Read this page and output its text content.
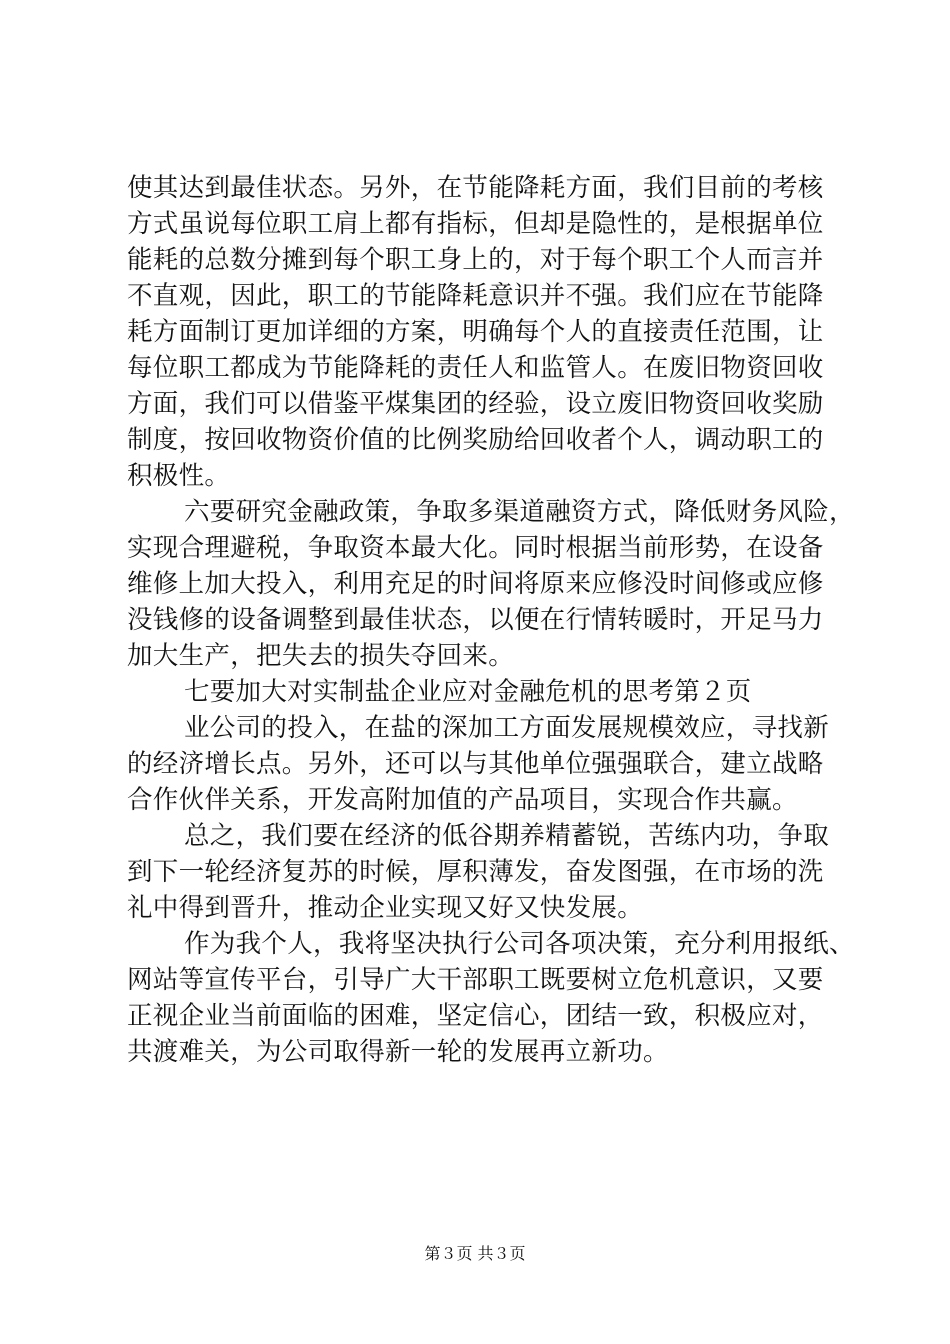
使其达到最佳状态。另外，在节能降耗方面，我们目前的考核
方式虽说每位职工肩上都有指标，但却是隐性的，是根据单位
能耗的总数分摊到每个职工身上的，对于每个职工个人而言并
不直观，因此，职工的节能降耗意识并不强。我们应在节能降
耗方面制订更加详细的方案，明确每个人的直接责任范围，让
每位职工都成为节能降耗的责任人和监管人。在废旧物资回收
方面，我们可以借鉴平煤集团的经验，设立废旧物资回收奖励
制度，按回收物资价值的比例奖励给回收者个人，调动职工的
积极性。
六要研究金融政策，争取多渠道融资方式，降低财务风险，
实现合理避税，争取资本最大化。同时根据当前形势，在设备
维修上加大投入，利用充足的时间将原来应修没时间修或应修
没钱修的设备调整到最佳状态，以便在行情转暖时，开足马力
加大生产，把失去的损失夺回来。
七要加大对实制盐企业应对金融危机的思考第２页
业公司的投入，在盐的深加工方面发展规模效应，寻找新
的经济增长点。另外，还可以与其他单位强强联合，建立战略
合作伙伴关系，开发高附加值的产品项目，实现合作共赢。
总之，我们要在经济的低谷期养精蓄锐，苦练内功，争取
到下一轮经济复苏的时候，厚积薄发，奋发图强，在市场的洗
礼中得到晋升，推动企业实现又好又快发展。
作为我个人，我将坚决执行公司各项决策，充分利用报纸、
网站等宣传平台，引导广大干部职工既要树立危机意识，又要
正视企业当前面临的困难，坚定信心，团结一致，积极应对，
共渡难关，为公司取得新一轮的发展再立新功。
第３页 共３页
